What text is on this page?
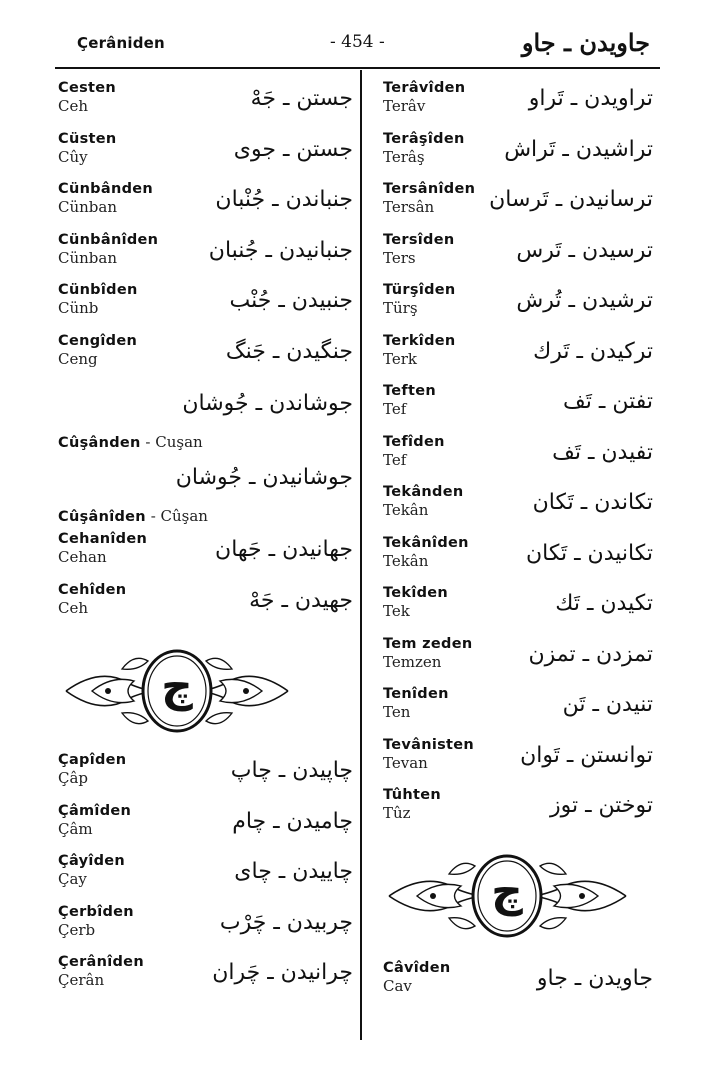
Çerâniden	- 454 -	جاويدن ـ جاو
Cesten
Ceh	جستن ـ جَهْ
Cüsten
Cûy	جستن ـ جوى
Cünbânden
Cünban	جنباندن ـ جُنْبان
Cünbânîden
Cünban	جنبانيدن ـ جُنبان
Cünbîden
Cünb	جنبيدن ـ جُنْب
Cengîden
Ceng	جنگيدن ـ جَنگ
جوشاندن ـ جُوشان
Cûşânden - Cuşan
جوشانيدن ـ جُوشان
Cûşânîden - Cûşan
Cehanîden
Cehan	جهانيدن ـ جَهان
Cehîden
Ceh	جهيدن ـ جَهْ
چ
Çapîden
Çâp	چاپيدن ـ چاپ
Çâmîden
Çâm	چاميدن ـ چام
Çâyîden
Çay	چاييدن ـ چاى
Çerbîden
Çerb	چربيدن ـ چَرْب
Çerânîden
Çerân	چرانيدن ـ چَران
Terâvîden
Terâv	تراويدن ـ تَراو
Terâşîden
Terâş	تراشيدن ـ تَراش
Tersânîden
Tersân	ترسانيدن ـ تَرسان
Tersîden
Ters	ترسيدن ـ تَرس
Türşîden
Türş	ترشيدن ـ تُرش
Terkîden
Terk	تركيدن ـ تَرك
Teften
Tef	تفتن ـ تَف
Tefîden
Tef	تفيدن ـ تَف
Tekânden
Tekân	تكاندن ـ تَكان
Tekânîden
Tekân	تكانيدن ـ تَكان
Tekîden
Tek	تكيدن ـ تَك
Tem zeden
Temzen	تمزدن ـ تمزن
Tenîden
Ten	تنيدن ـ تَن
Tevânisten
Tevan	توانستن ـ تَوان
Tûhten
Tûz	توختن ـ توز
چ
Câvîden
Cav	جاويدن ـ جاو
